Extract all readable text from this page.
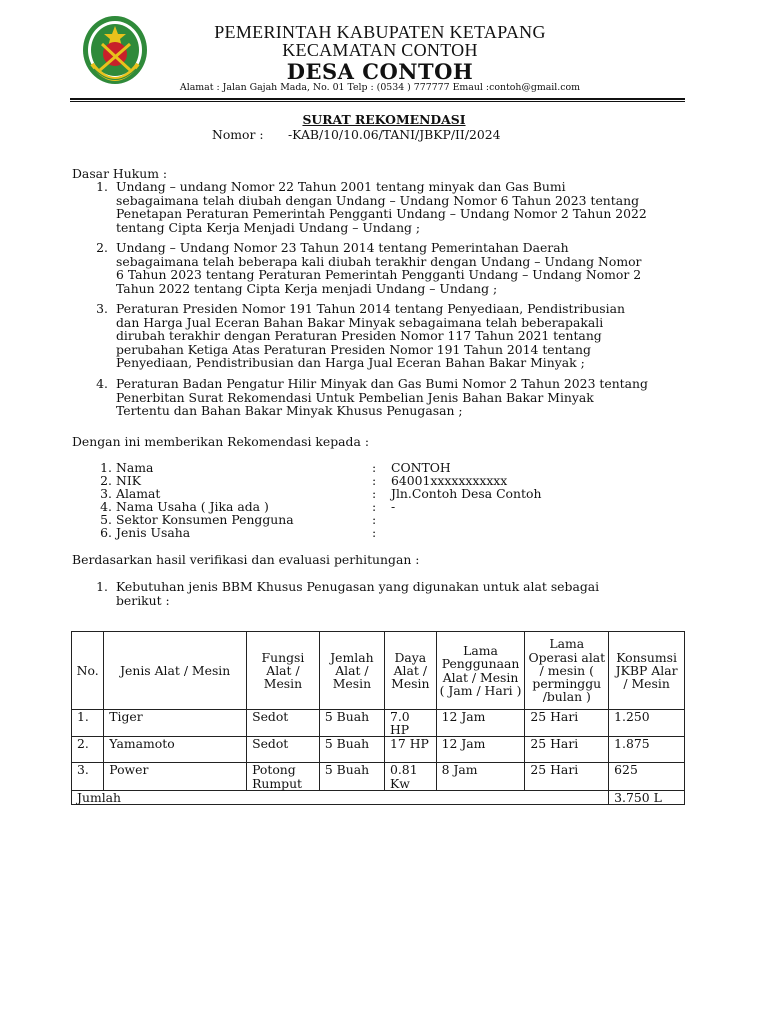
PEMERINTAH KABUPATEN KETAPANG
KECAMATAN CONTOH
DESA CONTOH
Alamat : Jalan Gajah Mada, No. 01 Telp : (0534 ) 777777 Emaul :contoh@gmail.com
SURAT REKOMENDASI
Nomor : -KAB/10/10.06/TANI/JBKP/II/2024
Dasar Hukum :
1. Undang – undang Nomor 22 Tahun 2001 tentang minyak dan Gas Bumi
sebagaimana telah diubah dengan Undang – Undang Nomor 6 Tahun 2023 tentang
Penetapan Peraturan Pemerintah Pengganti Undang – Undang Nomor 2 Tahun 2022
tentang Cipta Kerja Menjadi Undang – Undang ;
2. Undang – Undang Nomor 23 Tahun 2014 tentang Pemerintahan Daerah
sebagaimana telah beberapa kali diubah terakhir dengan Undang – Undang Nomor
6 Tahun 2023 tentang Peraturan Pemerintah Pengganti Undang – Undang Nomor 2
Tahun 2022 tentang Cipta Kerja menjadi Undang – Undang ;
3. Peraturan Presiden Nomor 191 Tahun 2014 tentang Penyediaan, Pendistribusian
dan Harga Jual Eceran Bahan Bakar Minyak sebagaimana telah beberapakali
dirubah terakhir dengan Peraturan Presiden Nomor 117 Tahun 2021 tentang
perubahan Ketiga Atas Peraturan Presiden Nomor 191 Tahun 2014 tentang
Penyediaan, Pendistribusian dan Harga Jual Eceran Bahan Bakar Minyak ;
4. Peraturan Badan Pengatur Hilir Minyak dan Gas Bumi Nomor 2 Tahun 2023 tentang
Penerbitan Surat Rekomendasi Untuk Pembelian Jenis Bahan Bakar Minyak
Tertentu dan Bahan Bakar Minyak Khusus Penugasan ;
Dengan ini memberikan Rekomendasi kepada :
1. Nama	: CONTOH
2. NIK	: 64001xxxxxxxxxxx
3. Alamat	: Jln.Contoh Desa Contoh
4. Nama Usaha ( Jika ada )	: -
5. Sektor Konsumen Pengguna	:
6. Jenis Usaha	:
Berdasarkan hasil verifikasi dan evaluasi perhitungan :
1. Kebutuhan jenis BBM Khusus Penugasan yang digunakan untuk alat sebagai
berikut :
No.	Jenis Alat / Mesin	Fungsi Alat / Mesin	Jemlah Alat / Mesin	Daya Alat / Mesin	Lama Penggunaan Alat / Mesin ( Jam / Hari )	Lama Operasi alat / mesin ( perminggu /bulan )	Konsumsi JKBP Alar / Mesin
1.	Tiger	Sedot	5 Buah	7.0 HP	12 Jam	25 Hari	1.250
2.	Yamamoto	Sedot	5 Buah	17 HP	12 Jam	25 Hari	1.875
3.	Power	Potong Rumput	5 Buah	0.81 Kw	8 Jam	25 Hari	625
Jumlah							3.750 L
